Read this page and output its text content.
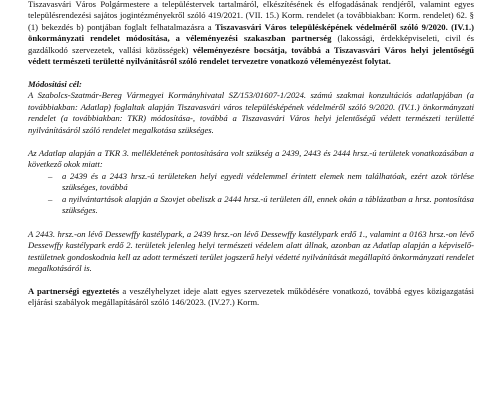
Tiszavasvári Város Polgármestere a településtervek tartalmáról, elkészítésének és elfogadásának rendjéről, valamint egyes településrendezési sajátos jogintézményekről szóló 419/2021. (VII. 15.) Korm. rendelet (a továbbiakban: Korm. rendelet) 62. § (1) bekezdés b) pontjában foglalt felhatalmazásra a Tiszavasvári Város településképének védelméről szóló 9/2020. (IV.1.) önkormányzati rendelet módosítása, a véleményezési szakaszban partnerség (lakossági, érdekképviseleti, civil és gazdálkodó szervezetek, vallási közösségek) véleményezésre bocsátja, továbbá a Tiszavasvári Város helyi jelentőségű védett természeti területté nyilvánításról szóló rendelet tervezetre vonatkozó véleményezést folytat.

Módosítási cél:

A Szabolcs-Szatmár-Bereg Vármegyei Kormányhivatal SZ/153/01607-1/2024. számú szakmai konzultációs adatlapjában (a továbbiakban: Adatlap) foglaltak alapján Tiszavasvári város településképének védelméről szóló 9/2020. (IV.1.) önkormányzati rendelet (a továbbiakban: TKR) módosítása-, továbbá a Tiszavasvári Város helyi jelentőségű védett természeti területté nyilvánításáról szóló rendelet megalkotása szükséges.

Az Adatlap alapján a TKR 3. mellékletének pontosítására volt szükség a 2439, 2443 és 2444 hrsz.-ú területek vonatkozásában a következő okok miatt:

‒ a 2439 és a 2443 hrsz.-ú területeken helyi egyedi védelemmel érintett elemek nem találhatóak, ezért azok törlése szükséges, továbbá
‒ a nyilvántartások alapján a Szovjet obeliszk a 2444 hrsz.-ú területen áll, ennek okán a táblázatban a hrsz. pontosítása szükséges.

A 2443. hrsz.-on lévő Dessewffy kastélypark, a 2439 hrsz.-on lévő Dessewffy kastélypark erdő 1., valamint a 0163 hrsz.-on lévő Dessewffy kastélypark erdő 2. területek jelenleg helyi természeti védelem alatt állnak, azonban az Adatlap alapján a képviselő-testületnek gondoskodnia kell az adott természeti terület jogszerű helyi védetté nyilvánítását megállapító önkormányzati rendelet megalkotásáról is.

A partnerségi egyeztetés a veszélyhelyzet ideje alatt egyes szervezetek működésére vonatkozó, továbbá egyes közigazgatási eljárási szabályok megállapításáról szóló 146/2023. (IV.27.) Korm.
